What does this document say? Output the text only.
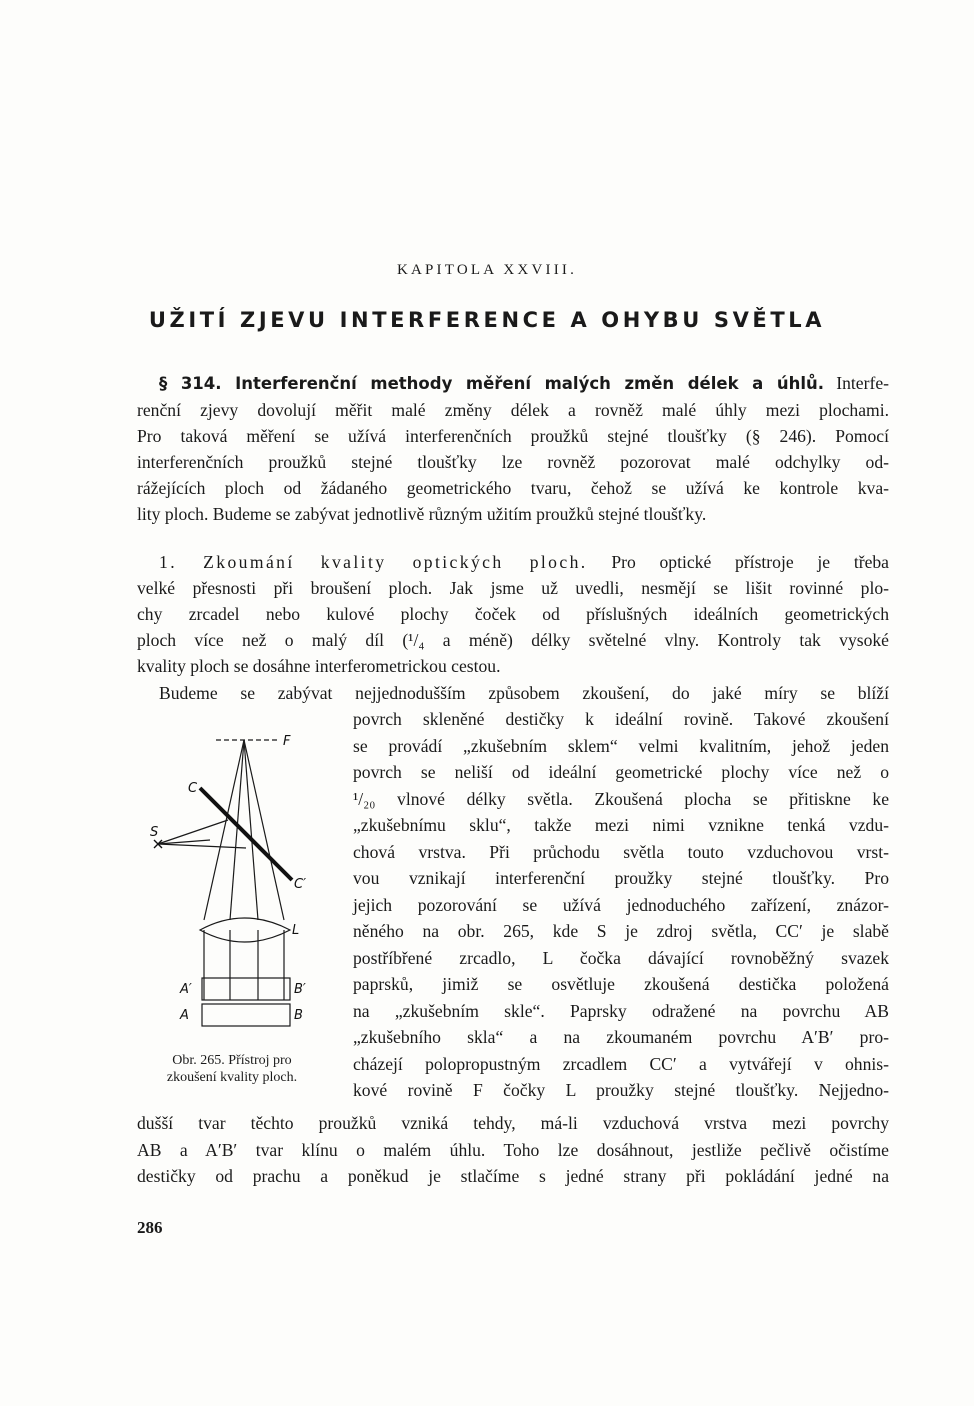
KAPITOLA XXVIII.
UŽITÍ ZJEVU INTERFERENCE A OHYBU SVĚTLA
§ 314. Interferenční methody měření malých změn délek a úhlů. Interfe-
renční zjevy dovolují měřit malé změny délek a rovněž malé úhly mezi plochami.
Pro taková měření se užívá interferenčních proužků stejné tloušťky (§ 246). Pomocí
interferenčních proužků stejné tloušťky lze rovněž pozorovat malé odchylky od-
rážejících ploch od žádaného geometrického tvaru, čehož se užívá ke kontrole kva-
lity ploch. Budeme se zabývat jednotlivě různým užitím proužků stejné tloušťky.
1. Zkoumání kvality optických ploch. Pro optické přístroje je třeba
velké přesnosti při broušení ploch. Jak jsme už uvedli, nesmějí se lišit rovinné plo-
chy zrcadel nebo kulové plochy čoček od příslušných ideálních geometrických
ploch více než o malý díl (¹/₄ a méně) délky světelné vlny. Kontroly tak vysoké
kvality ploch se dosáhne interferometrickou cestou.
Budeme se zabývat nejjednodušším způsobem zkoušení, do jaké míry se blíží
povrch skleněné destičky k ideální rovině. Takové zkoušení
se provádí „zkušebním sklem“ velmi kvalitním, jehož jeden
povrch se neliší od ideální geometrické plochy více než o
¹/₂₀ vlnové délky světla. Zkoušená plocha se přitiskne ke
„zkušebnímu sklu“, takže mezi nimi vznikne tenká vzdu-
chová vrstva. Při průchodu světla touto vzduchovou vrst-
vou vznikají interferenční proužky stejné tloušťky. Pro
jejich pozorování se užívá jednoduchého zařízení, znázor-
něného na obr. 265, kde S je zdroj světla, CC′ je slabě
postříbřené zrcadlo, L čočka dávající rovnoběžný svazek
paprsků, jimiž se osvětluje zkoušená destička položená
na „zkušebním skle“. Paprsky odražené na povrchu AB
„zkušebního skla“ a na zkoumaném povrchu A′B′ pro-
cházejí polopropustným zrcadlem CC′ a vytvářejí v ohnis-
kové rovině F čočky L proužky stejné tloušťky. Nejjedno-
F
C
S
C′
L
A′	B′
A	B
Obr. 265. Přístroj pro
zkoušení kvality ploch.
dušší tvar těchto proužků vzniká tehdy, má-li vzduchová vrstva mezi povrchy
AB a A′B′ tvar klínu o malém úhlu. Toho lze dosáhnout, jestliže pečlivě očistíme
destičky od prachu a poněkud je stlačíme s jedné strany při pokládání jedné na
286
